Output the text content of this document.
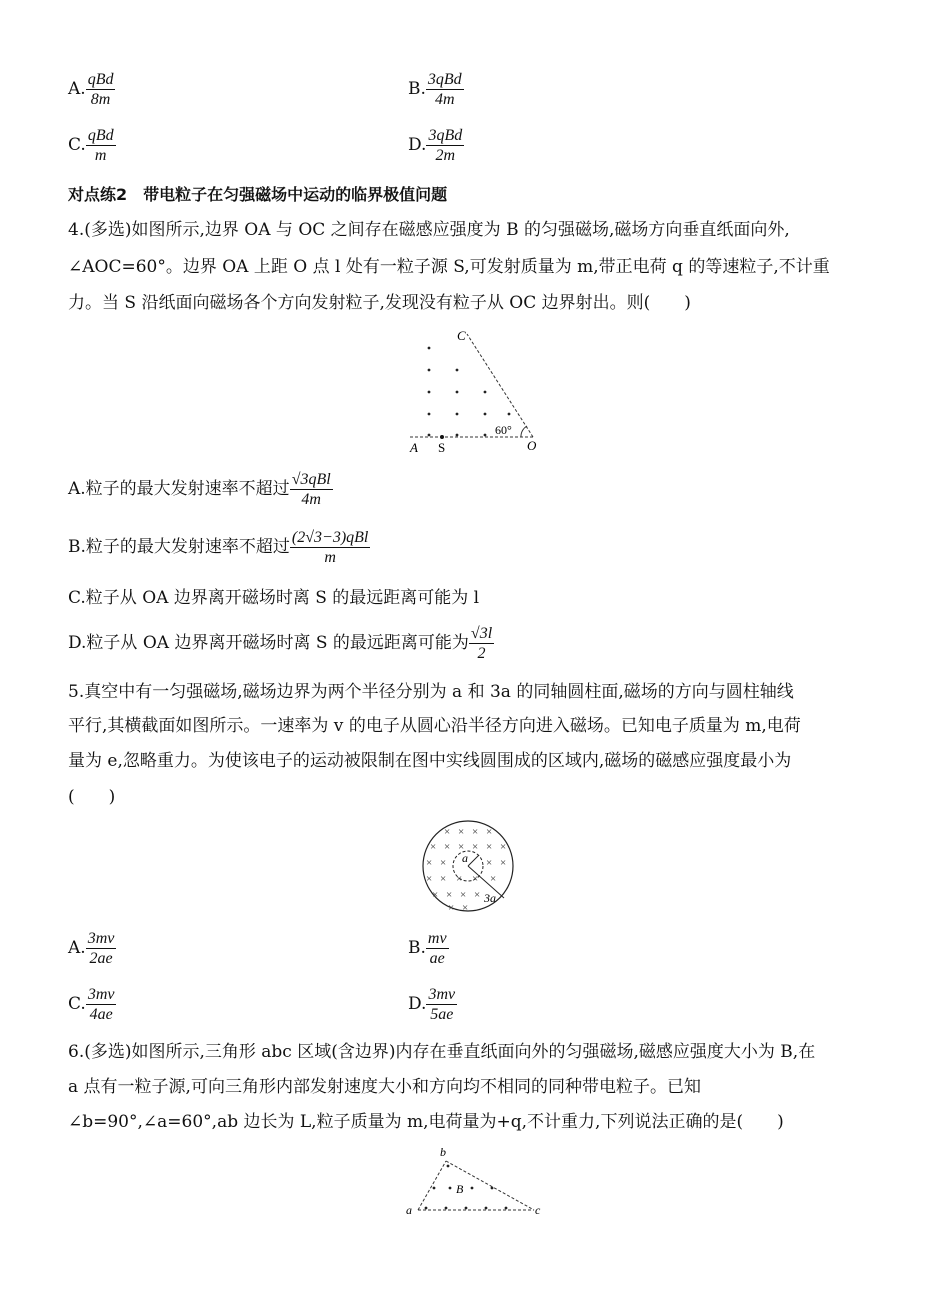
A. $\frac{\text{qBd}}{8m}$	B. $\frac{\text{3qBd}}{4m}$
C. $\frac{\text{qBd}}{m}$	D. $\frac{\text{3qBd}}{2m}$
对点练2　带电粒子在匀强磁场中运动的临界极值问题
4.(多选)如图所示,边界 OA 与 OC 之间存在磁感应强度为 B 的匀强磁场,磁场方向垂直纸面向外,
∠AOC=60°。边界 OA 上距 O 点 l 处有一粒子源 S,可发射质量为 m,带正电荷 q 的等速粒子,不计重
力。当 S 沿纸面向磁场各个方向发射粒子,发现没有粒子从 OC 边界射出。则(　　)
C
A S	O
60°
A.粒子的最大发射速率不超过 $\frac{\text{√3qBl}}{4m}$
B.粒子的最大发射速率不超过 $\frac{\text{(2√3−3)qBl}}{m}$
C.粒子从 OA 边界离开磁场时离 S 的最远距离可能为 l
D.粒子从 OA 边界离开磁场时离 S 的最远距离可能为 $\frac{√3l}{2}$
5.真空中有一匀强磁场,磁场边界为两个半径分别为 a 和 3a 的同轴圆柱面,磁场的方向与圆柱轴线
平行,其横截面如图所示。一速率为 v 的电子从圆心沿半径方向进入磁场。已知电子质量为 m,电荷
量为 e,忽略重力。为使该电子的运动被限制在图中实线圆围成的区域内,磁场的磁感应强度最小为
(　　)
× × × ×
× × × × × ×
× ×	× ×
× × × × ×
× × × ×
× ×
a
3a
A. $\frac{3mv}{2ae}$	B. $\frac{mv}{ae}$
C. $\frac{3mv}{4ae}$	D. $\frac{3mv}{5ae}$
6.(多选)如图所示,三角形 abc 区域(含边界)内存在垂直纸面向外的匀强磁场,磁感应强度大小为 B,在
a 点有一粒子源,可向三角形内部发射速度大小和方向均不相同的同种带电粒子。已知
∠b=90°,∠a=60°,ab 边长为 L,粒子质量为 m,电荷量为+q,不计重力,下列说法正确的是(　　)
b
a	c
B
